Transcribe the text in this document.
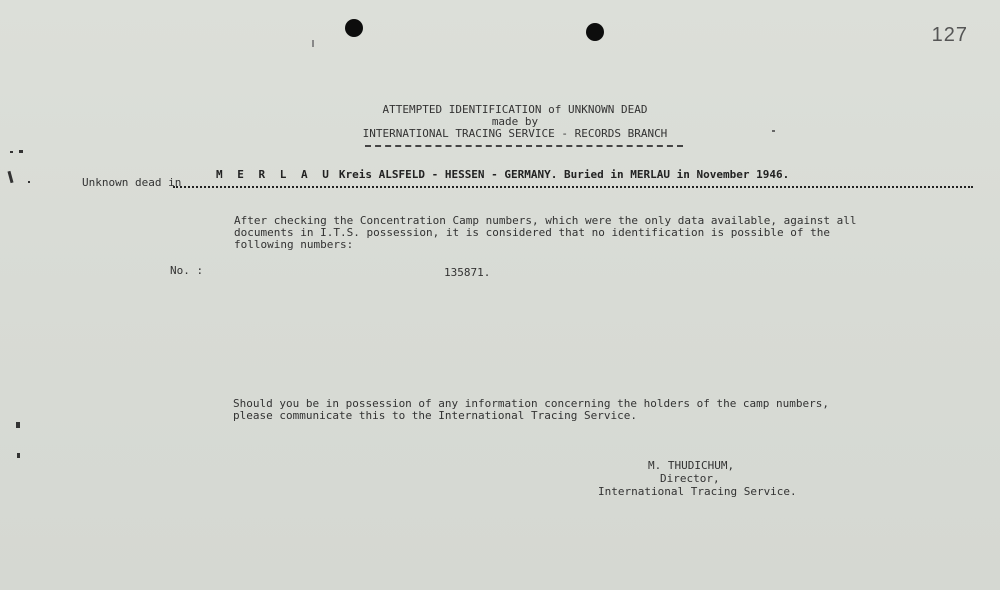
127
ATTEMPTED IDENTIFICATION of UNKNOWN DEAD
made by
INTERNATIONAL TRACING SERVICE - RECORDS BRANCH
Unknown dead in
M E R L A U Kreis ALSFELD - HESSEN - GERMANY. Buried in MERLAU in November 1946.
After checking the Concentration Camp numbers, which were the only data available, against all
documents in I.T.S. possession, it is considered that no identification is possible of the
following numbers:
No. :	135871.
Should you be in possession of any information concerning the holders of the camp numbers,
please communicate this to the International Tracing Service.
M. THUDICHUM,
Director,
International Tracing Service.
